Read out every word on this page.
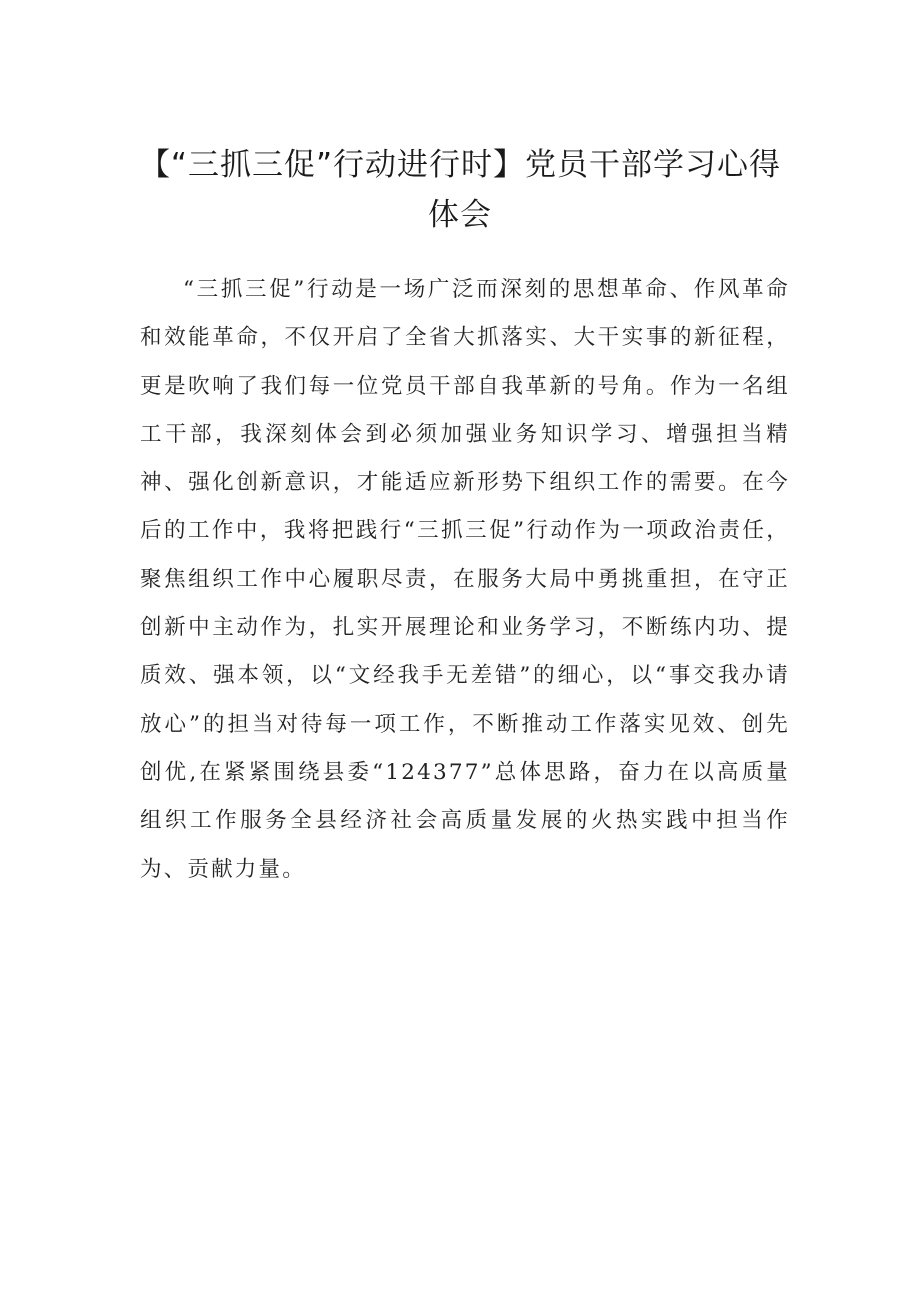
【“三抓三促”行动进行时】党员干部学习心得体会

“三抓三促”行动是一场广泛而深刻的思想革命、作风革命和效能革命，不仅开启了全省大抓落实、大干实事的新征程，更是吹响了我们每一位党员干部自我革新的号角。作为一名组工干部，我深刻体会到必须加强业务知识学习、增强担当精神、强化创新意识，才能适应新形势下组织工作的需要。在今后的工作中，我将把践行“三抓三促”行动作为一项政治责任，聚焦组织工作中心履职尽责，在服务大局中勇挑重担，在守正创新中主动作为，扎实开展理论和业务学习，不断练内功、提质效、强本领，以“文经我手无差错”的细心，以“事交我办请放心”的担当对待每一项工作，不断推动工作落实见效、创先创优,在紧紧围绕县委“124377”总体思路，奋力在以高质量组织工作服务全县经济社会高质量发展的火热实践中担当作为、贡献力量。
